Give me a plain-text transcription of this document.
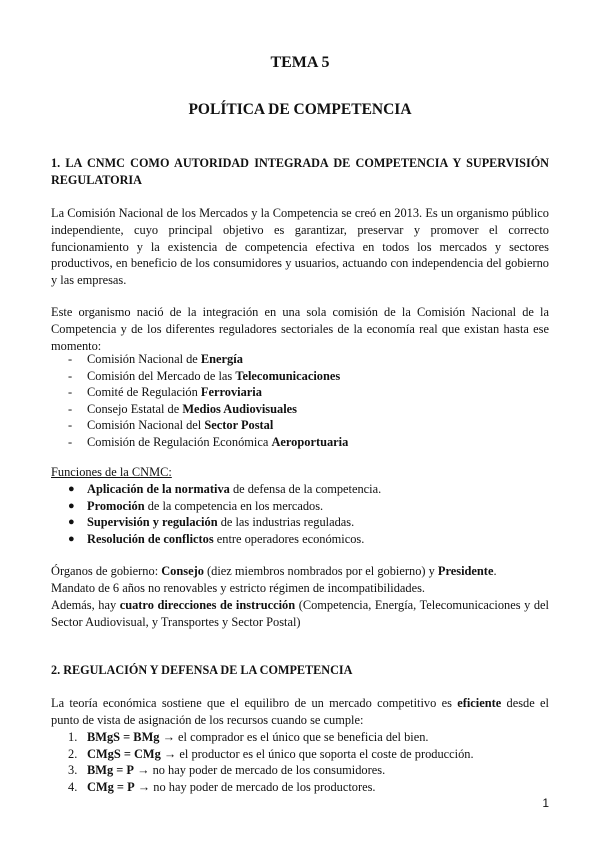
TEMA 5
POLÍTICA DE COMPETENCIA
1. LA CNMC COMO AUTORIDAD INTEGRADA DE COMPETENCIA Y SUPERVISIÓN REGULATORIA
La Comisión Nacional de los Mercados y la Competencia se creó en 2013. Es un organismo público independiente, cuyo principal objetivo es garantizar, preservar y promover el correcto funcionamiento y la existencia de competencia efectiva en todos los mercados y sectores productivos, en beneficio de los consumidores y usuarios, actuando con independencia del gobierno y las empresas.
Este organismo nació de la integración en una sola comisión de la Comisión Nacional de la Competencia y de los diferentes reguladores sectoriales de la economía real que existan hasta ese momento:
- Comisión Nacional de Energía
- Comisión del Mercado de las Telecomunicaciones
- Comité de Regulación Ferroviaria
- Consejo Estatal de Medios Audiovisuales
- Comisión Nacional del Sector Postal
- Comisión de Regulación Económica Aeroportuaria
Funciones de la CNMC:
● Aplicación de la normativa de defensa de la competencia.
● Promoción de la competencia en los mercados.
● Supervisión y regulación de las industrias reguladas.
● Resolución de conflictos entre operadores económicos.
Órganos de gobierno: Consejo (diez miembros nombrados por el gobierno) y Presidente.
Mandato de 6 años no renovables y estricto régimen de incompatibilidades.
Además, hay cuatro direcciones de instrucción (Competencia, Energía, Telecomunicaciones y del Sector Audiovisual, y Transportes y Sector Postal)
2. REGULACIÓN Y DEFENSA DE LA COMPETENCIA
La teoría económica sostiene que el equilibro de un mercado competitivo es eficiente desde el punto de vista de asignación de los recursos cuando se cumple:
1. BMgS = BMg → el comprador es el único que se beneficia del bien.
2. CMgS = CMg → el productor es el único que soporta el coste de producción.
3. BMg = P → no hay poder de mercado de los consumidores.
4. CMg = P → no hay poder de mercado de los productores.
1
